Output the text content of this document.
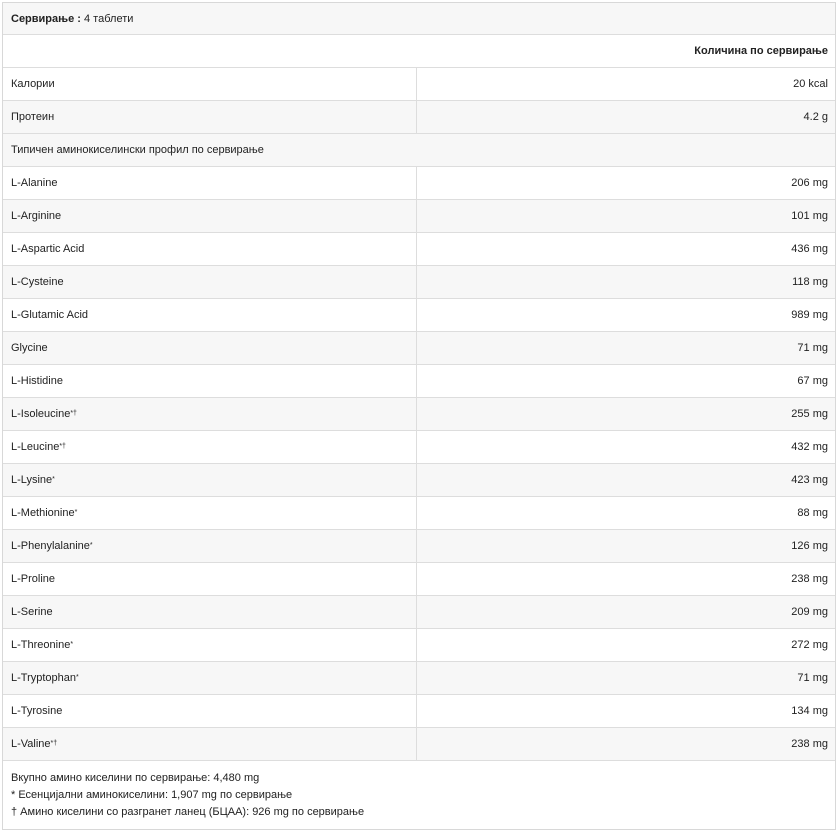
Сервирање : 4 таблети
Количина по сервирање
Калории	20 kcal
Протеин	4.2 g
Типичен аминокиселински профил по сервирање
L-Alanine	206 mg
L-Arginine	101 mg
L-Aspartic Acid	436 mg
L-Cysteine	118 mg
L-Glutamic Acid	989 mg
Glycine	71 mg
L-Histidine	67 mg
L-Isoleucine*†	255 mg
L-Leucine*†	432 mg
L-Lysine*	423 mg
L-Methionine*	88 mg
L-Phenylalanine*	126 mg
L-Proline	238 mg
L-Serine	209 mg
L-Threonine*	272 mg
L-Tryptophan*	71 mg
L-Tyrosine	134 mg
L-Valine*†	238 mg
Вкупно амино киселини по сервирање: 4,480 mg
* Есенцијални аминокиселини: 1,907 mg по сервирање
† Амино киселини со разгранет ланец (БЦАА): 926 mg по сервирање
